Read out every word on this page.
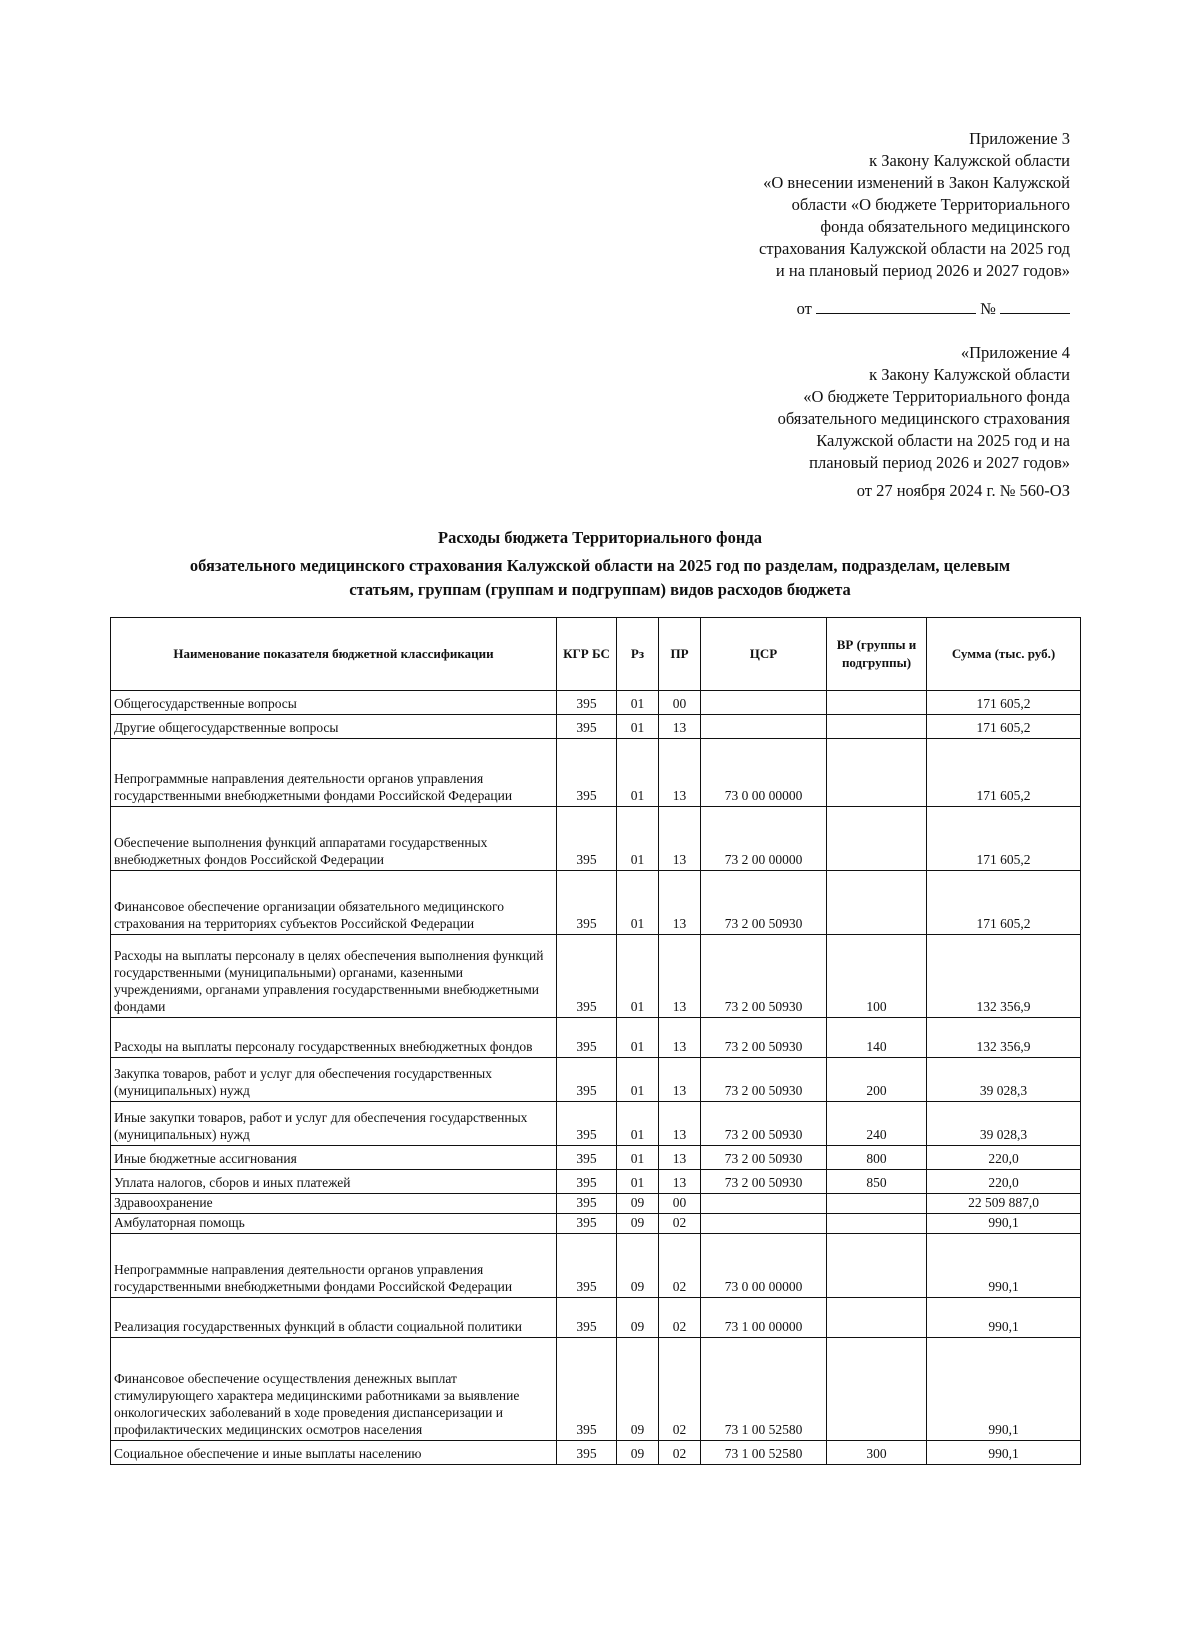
Приложение 3
к Закону Калужской области
«О внесении изменений в Закон Калужской
области «О бюджете Территориального
фонда обязательного медицинского
страхования Калужской области на 2025 год
и на плановый период 2026 и 2027 годов»
от	№
«Приложение 4
к Закону Калужской области
«О бюджете Территориального фонда
обязательного медицинского страхования
Калужской области на 2025 год и на
плановый период 2026 и 2027 годов»
от 27 ноября 2024 г. № 560-ОЗ
Расходы бюджета Территориального фонда
обязательного медицинского страхования Калужской области на 2025 год по разделам, подразделам, целевым
статьям, группам (группам и подгруппам) видов расходов бюджета
Наименование показателя бюджетной классификации	КГР БС	Рз	ПР	ЦСР	ВР (группы и подгруппы)	Сумма (тыс. руб.)
Общегосударственные вопросы	395	01	00			171 605,2
Другие общегосударственные вопросы	395	01	13			171 605,2
Непрограммные направления деятельности органов управления государственными внебюджетными фондами Российской Федерации	395	01	13	73 0 00 00000		171 605,2
Обеспечение выполнения функций аппаратами государственных внебюджетных фондов Российской Федерации	395	01	13	73 2 00 00000		171 605,2
Финансовое обеспечение организации обязательного медицинского страхования на территориях субъектов Российской Федерации	395	01	13	73 2 00 50930		171 605,2
Расходы на выплаты персоналу в целях обеспечения выполнения функций государственными (муниципальными) органами, казенными учреждениями, органами управления государственными внебюджетными фондами	395	01	13	73 2 00 50930	100	132 356,9
Расходы на выплаты персоналу государственных внебюджетных фондов	395	01	13	73 2 00 50930	140	132 356,9
Закупка товаров, работ и услуг для обеспечения государственных (муниципальных) нужд	395	01	13	73 2 00 50930	200	39 028,3
Иные закупки товаров, работ и услуг для обеспечения государственных (муниципальных) нужд	395	01	13	73 2 00 50930	240	39 028,3
Иные бюджетные ассигнования	395	01	13	73 2 00 50930	800	220,0
Уплата налогов, сборов и иных платежей	395	01	13	73 2 00 50930	850	220,0
Здравоохранение	395	09	00			22 509 887,0
Амбулаторная помощь	395	09	02			990,1
Непрограммные направления деятельности органов управления государственными внебюджетными фондами Российской Федерации	395	09	02	73 0 00 00000		990,1
Реализация государственных функций в области социальной политики	395	09	02	73 1 00 00000		990,1
Финансовое обеспечение осуществления денежных выплат стимулирующего характера медицинскими работниками за выявление онкологических заболеваний в ходе проведения диспансеризации и профилактических медицинских осмотров населения	395	09	02	73 1 00 52580		990,1
Социальное обеспечение и иные выплаты населению	395	09	02	73 1 00 52580	300	990,1
